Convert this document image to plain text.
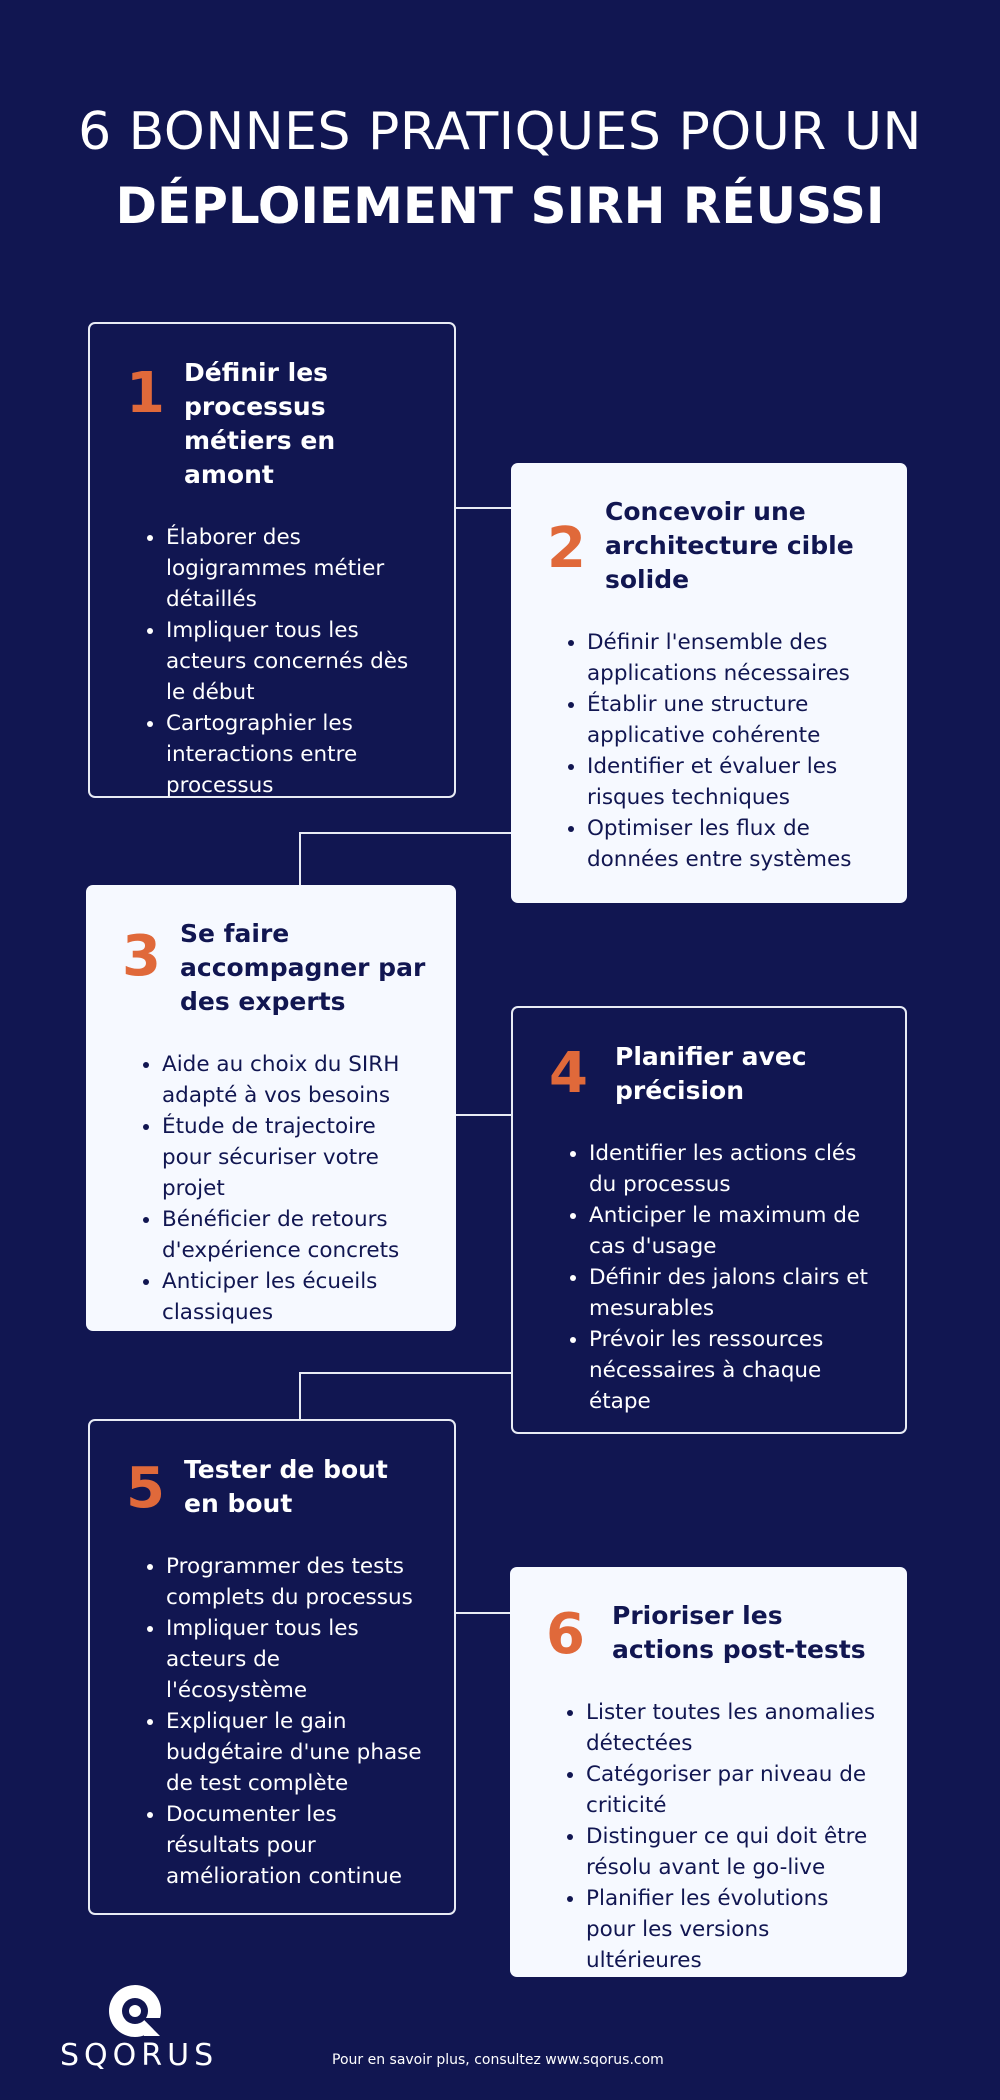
6 BONNES PRATIQUES POUR UN
DÉPLOIEMENT SIRH RÉUSSI
1 Définir les processus métiers en amont
• Élaborer des logigrammes métier détaillés
• Impliquer tous les acteurs concernés dès le début
• Cartographier les interactions entre processus
2
Concevoir une architecture cible solide
• Définir l'ensemble des applications nécessaires
• Établir une structure applicative cohérente
• Identifier et évaluer les risques techniques
• Optimiser les flux de données entre systèmes
3 Se faire accompagner par des experts
• Aide au choix du SIRH adapté à vos besoins
• Étude de trajectoire pour sécuriser votre projet
• Bénéficier de retours d'expérience concrets
• Anticiper les écueils classiques
4 Planifier avec précision
• Identifier les actions clés du processus
• Anticiper le maximum de cas d'usage
• Définir des jalons clairs et mesurables
• Prévoir les ressources nécessaires à chaque étape
5 Tester de bout en bout
• Programmer des tests complets du processus
• Impliquer tous les acteurs de l'écosystème
• Expliquer le gain budgétaire d'une phase de test complète
• Documenter les résultats pour amélioration continue
6 Prioriser les actions post-tests
• Lister toutes les anomalies détectées
• Catégoriser par niveau de criticité
• Distinguer ce qui doit être résolu avant le go-live
• Planifier les évolutions pour les versions ultérieures
SQORUS	Pour en savoir plus, consultez www.sqorus.com
